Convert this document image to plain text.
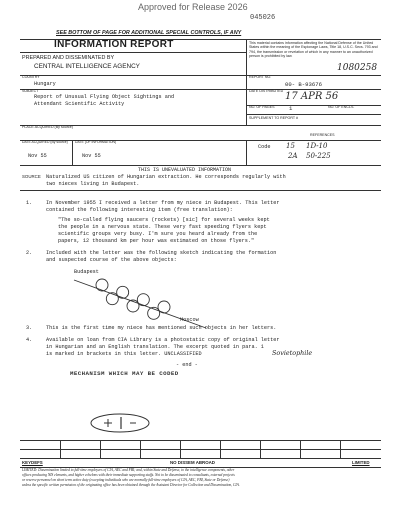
Approved for Release 2026
045026
SEE BOTTOM OF PAGE FOR ADDITIONAL SPECIAL CONTROLS, IF ANY
INFORMATION REPORT
PREPARED AND DISSEMINATED BY
CENTRAL INTELLIGENCE AGENCY
This material contains information affecting the National Defense of the United States within the meaning of the Espionage Laws, Title 18, U.S.C. Secs. 793 and 794, the transmission or revelation of which in any manner to an unauthorized person is prohibited by law.
1080258
COUNTRY
Hungary
REPORT NO.
00- B-93676
SUBJECT
Report of Unusual Flying Object Sightings and
Attendant Scientific Activity
DATE DISTRIBUTED 17 APR 56
NO. OF PAGES	1	NO. OF ENCLS.
SUPPLEMENT TO REPORT #
PLACE ACQUIRED (By source)
DATE ACQUIRED (By source) DATE (OF INFORMATION)
Nov 55	Nov 55
REFERENCES
Code 15 1D-10
2A 50-225
THIS IS UNEVALUATED INFORMATION
SOURCE Naturalized US citizen of Hungarian extraction. He corresponds regularly with
two nieces living in Budapest.
1.	In November 1955 I received a letter from my niece in Budapest. This letter
contained the following interesting item (free translation):
"The so-called flying saucers (rockets) [sic] for several weeks kept
the people in a nervous state. These very fast speeding flyers kept
scientific groups very busy. I'm sure you heard already from the
papers, 12 thousand km per hour was estimated on those flyers."
2.	Included with the letter was the following sketch indicating the formation
and suspected course of the above objects:
Budapest
Moscow
3.	This is the first time my niece has mentioned such objects in her letters.
4.	Available on loan from CIA Library is a photostatic copy of original letter
in Hungarian and an English translation. The excerpt quoted in para. 1
is marked in brackets in this letter. UNCLASSIFIED	Sovietophile
- end -
MECHANISM WHICH MAY BE CODED
KEYDEFS	NO DISSEM ABROAD	LIMITED
LIMITED: Dissemination limited to full-time employees of CIA, AEC and FBI; and, within State and Defense, to the intelligence components, other
offices producing NIS elements, and higher echelons with their immediate supporting staffs. Not to be disseminated to consultants, external projects
or reserve personnel on short term active duty (excepting individuals who are normally full-time employees of CIA, AEC, FBI, State or Defense)
unless the specific written permission of the originating office has been obtained through the Assistant Director for Collection and Dissemination, CIA.
